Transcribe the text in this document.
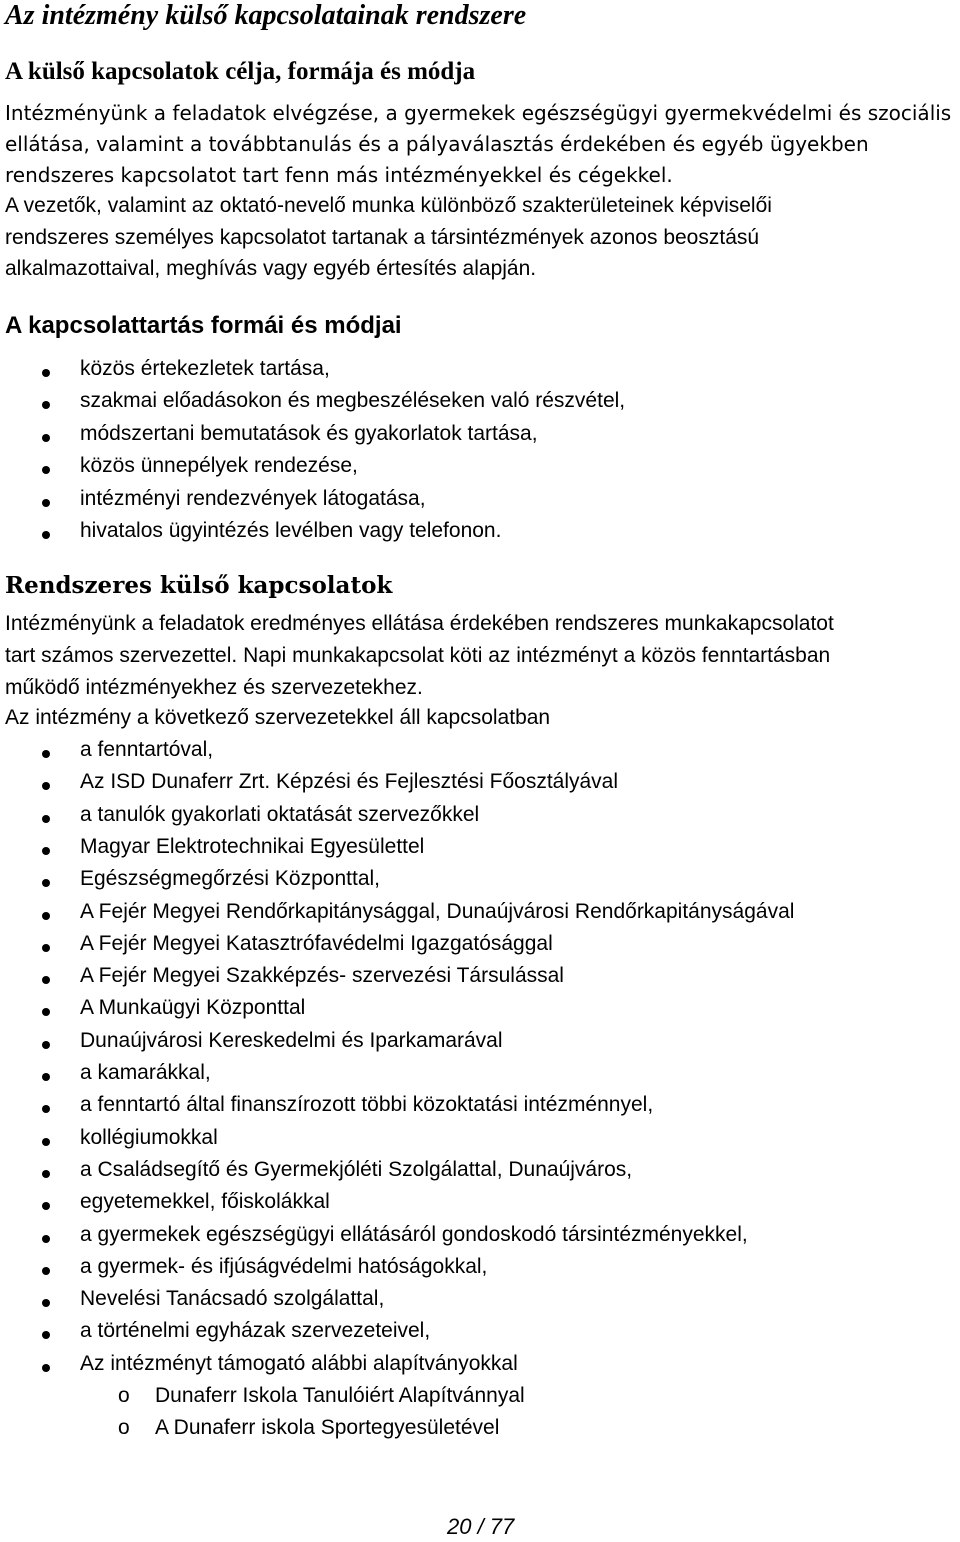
Az intézmény külső kapcsolatainak rendszere
A külső kapcsolatok célja, formája és módja
Intézményünk a feladatok elvégzése, a gyermekek egészségügyi gyermekvédelmi és szociális
ellátása, valamint a továbbtanulás és a pályaválasztás érdekében és egyéb ügyekben
rendszeres kapcsolatot tart fenn más intézményekkel és cégekkel.
A vezetők, valamint az oktató-nevelő munka különböző szakterületeinek képviselői
rendszeres személyes kapcsolatot tartanak a társintézmények azonos beosztású
alkalmazottaival, meghívás vagy egyéb értesítés alapján.
A kapcsolattartás formái és módjai
közös értekezletek tartása,
szakmai előadásokon és megbeszéléseken való részvétel,
módszertani bemutatások és gyakorlatok tartása,
közös ünnepélyek rendezése,
intézményi rendezvények látogatása,
hivatalos ügyintézés levélben vagy telefonon.
Rendszeres külső kapcsolatok
Intézményünk a feladatok eredményes ellátása érdekében rendszeres munkakapcsolatot
tart számos szervezettel. Napi munkakapcsolat köti az intézményt a közös fenntartásban
működő intézményekhez és szervezetekhez.
Az intézmény a következő szervezetekkel áll kapcsolatban
a fenntartóval,
Az ISD Dunaferr Zrt. Képzési és Fejlesztési Főosztályával
a tanulók gyakorlati oktatását szervezőkkel
Magyar Elektrotechnikai Egyesülettel
Egészségmegőrzési Központtal,
A Fejér Megyei Rendőrkapitánysággal, Dunaújvárosi Rendőrkapitányságával
A Fejér Megyei Katasztrófavédelmi Igazgatósággal
A Fejér Megyei Szakképzés- szervezési Társulással
A Munkaügyi Központtal
Dunaújvárosi Kereskedelmi és Iparkamarával
a kamarákkal,
a fenntartó által finanszírozott többi közoktatási intézménnyel,
kollégiumokkal
a Családsegítő és Gyermekjóléti Szolgálattal, Dunaújváros,
egyetemekkel, főiskolákkal
a gyermekek egészségügyi ellátásáról gondoskodó társintézményekkel,
a gyermek- és ifjúságvédelmi hatóságokkal,
Nevelési Tanácsadó szolgálattal,
a történelmi egyházak szervezeteivel,
Az intézményt támogató alábbi alapítványokkal
o Dunaferr Iskola Tanulóiért Alapítvánnyal
o A Dunaferr iskola Sportegyesületével
20 / 77
